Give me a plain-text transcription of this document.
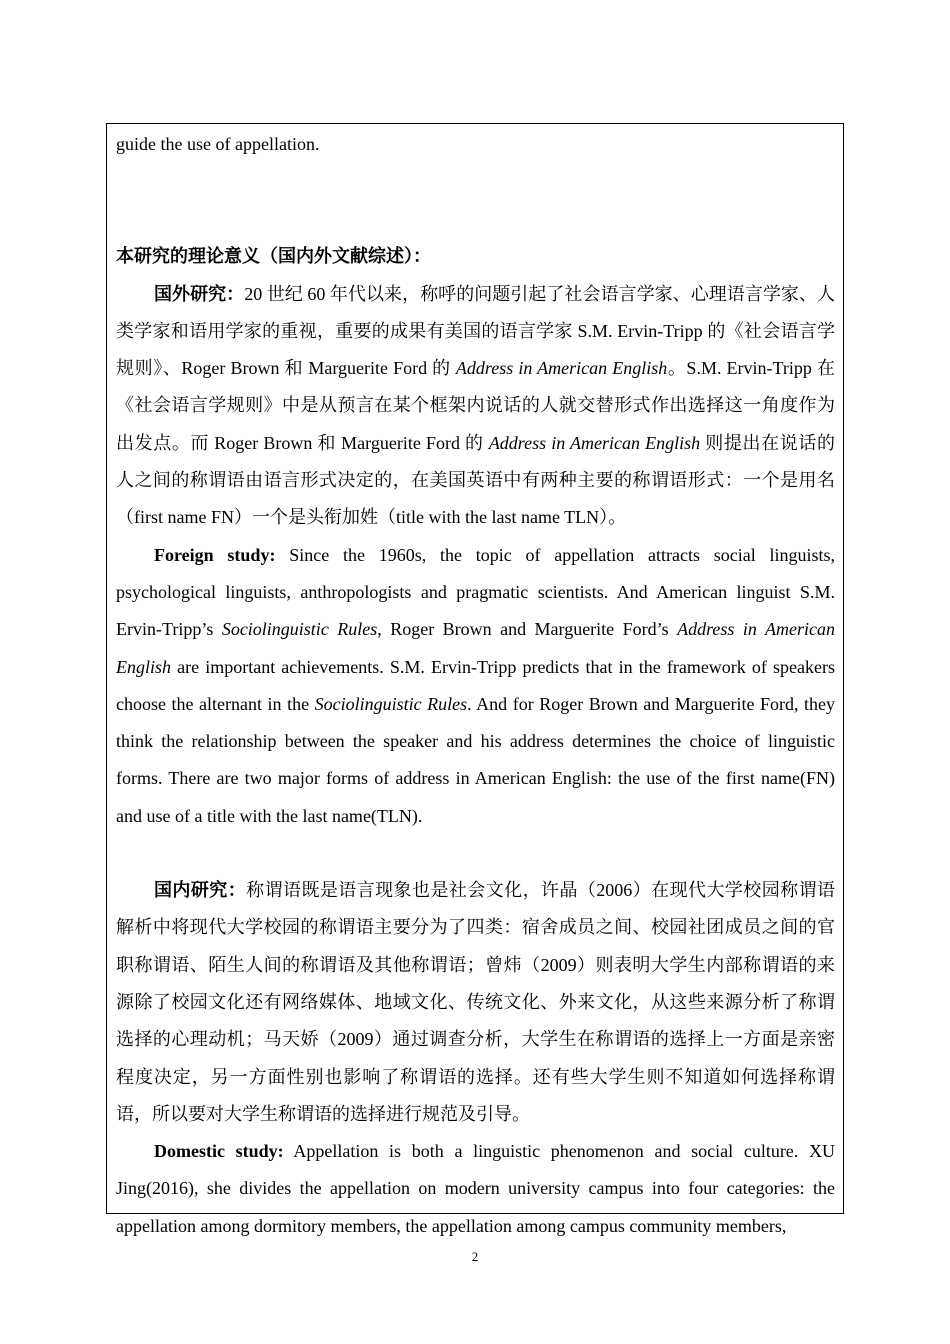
guide the use of appellation.

本研究的理论意义（国内外文献综述）：

国外研究：20 世纪 60 年代以来，称呼的问题引起了社会语言学家、心理语言学家、人类学家和语用学家的重视，重要的成果有美国的语言学家 S.M. Ervin-Tripp 的《社会语言学规则》、Roger Brown 和 Marguerite Ford 的 Address in American English。S.M. Ervin-Tripp 在《社会语言学规则》中是从预言在某个框架内说话的人就交替形式作出选择这一角度作为出发点。而 Roger Brown 和 Marguerite Ford 的 Address in American English 则提出在说话的人之间的称谓语由语言形式决定的，在美国英语中有两种主要的称谓语形式：一个是用名（first name FN）一个是头衔加姓（title with the last name TLN）。

Foreign study: Since the 1960s, the topic of appellation attracts social linguists, psychological linguists, anthropologists and pragmatic scientists. And American linguist S.M. Ervin-Tripp’s Sociolinguistic Rules, Roger Brown and Marguerite Ford’s Address in American English are important achievements. S.M. Ervin-Tripp predicts that in the framework of speakers choose the alternant in the Sociolinguistic Rules. And for Roger Brown and Marguerite Ford, they think the relationship between the speaker and his address determines the choice of linguistic forms. There are two major forms of address in American English: the use of the first name(FN) and use of a title with the last name(TLN).

国内研究：称谓语既是语言现象也是社会文化，许晶（2006）在现代大学校园称谓语解析中将现代大学校园的称谓语主要分为了四类：宿舍成员之间、校园社团成员之间的官职称谓语、陌生人间的称谓语及其他称谓语；曾炜（2009）则表明大学生内部称谓语的来源除了校园文化还有网络媒体、地域文化、传统文化、外来文化，从这些来源分析了称谓选择的心理动机；马天娇（2009）通过调查分析，大学生在称谓语的选择上一方面是亲密程度决定，另一方面性别也影响了称谓语的选择。还有些大学生则不知道如何选择称谓语，所以要对大学生称谓语的选择进行规范及引导。

Domestic study: Appellation is both a linguistic phenomenon and social culture. XU Jing(2016), she divides the appellation on modern university campus into four categories: the appellation among dormitory members, the appellation among campus community members,

2
